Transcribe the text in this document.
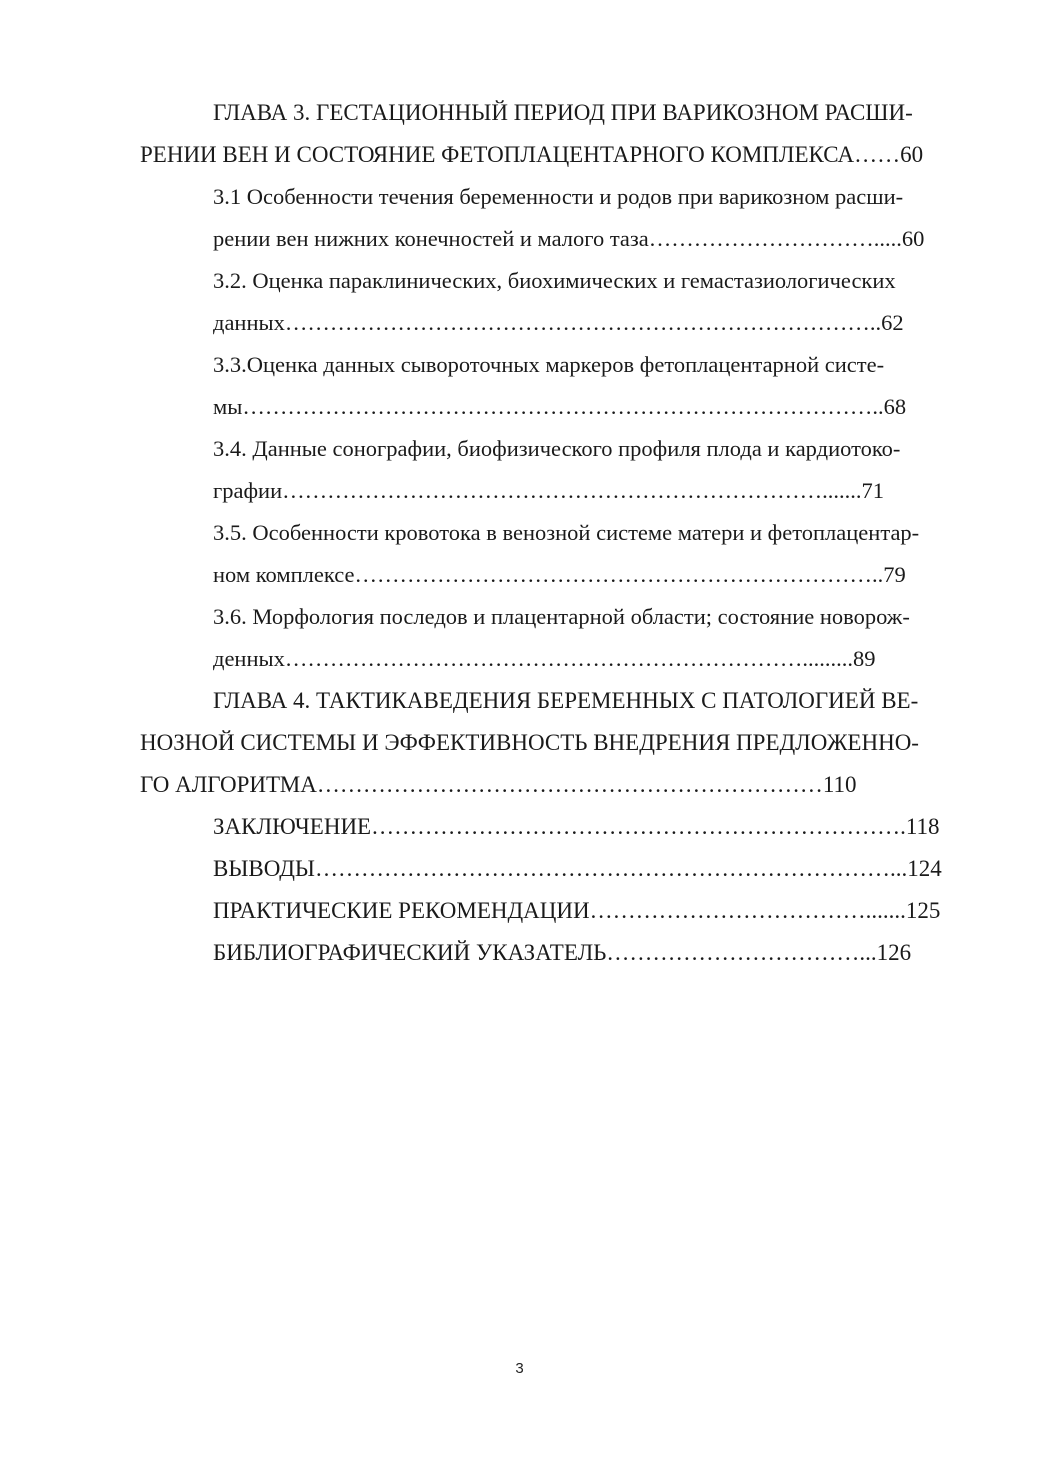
ГЛАВА 3. ГЕСТАЦИОННЫЙ ПЕРИОД ПРИ ВАРИКОЗНОМ РАСШИ-
РЕНИИ ВЕН И СОСТОЯНИЕ ФЕТОПЛАЦЕНТАРНОГО КОМПЛЕКСА……60
3.1 Особенности течения беременности и родов при варикозном расши-
рении вен нижних конечностей и малого таза………………………….....60
3.2. Оценка параклинических, биохимических и гемастазиологических
данных……………………………………………………………………..62
3.3.Оценка данных сывороточных маркеров фетоплацентарной систе-
мы…………………………………………………………………………..68
3.4. Данные сонографии, биофизического профиля плода и кардиотоко-
графии……………………………………………………………….......71
3.5. Особенности кровотока в венозной системе матери и фетоплацентар-
ном комплексе……………………………………………………………..79
3.6. Морфология последов и плацентарной области; состояние новорож-
денных…………………………………………………………….........89
ГЛАВА 4. ТАКТИКАВЕДЕНИЯ БЕРЕМЕННЫХ С ПАТОЛОГИЕЙ ВЕ-
НОЗНОЙ СИСТЕМЫ И ЭФФЕКТИВНОСТЬ ВНЕДРЕНИЯ ПРЕДЛОЖЕННО-
ГО АЛГОРИТМА…………………………………………………………110
ЗАКЛЮЧЕНИЕ…………………………………………………………….118
ВЫВОДЫ…………………………………………………………………...124
ПРАКТИЧЕСКИЕ РЕКОМЕНДАЦИИ……………………………….......125
БИБЛИОГРАФИЧЕСКИЙ УКАЗАТЕЛЬ……………………………...126
3
